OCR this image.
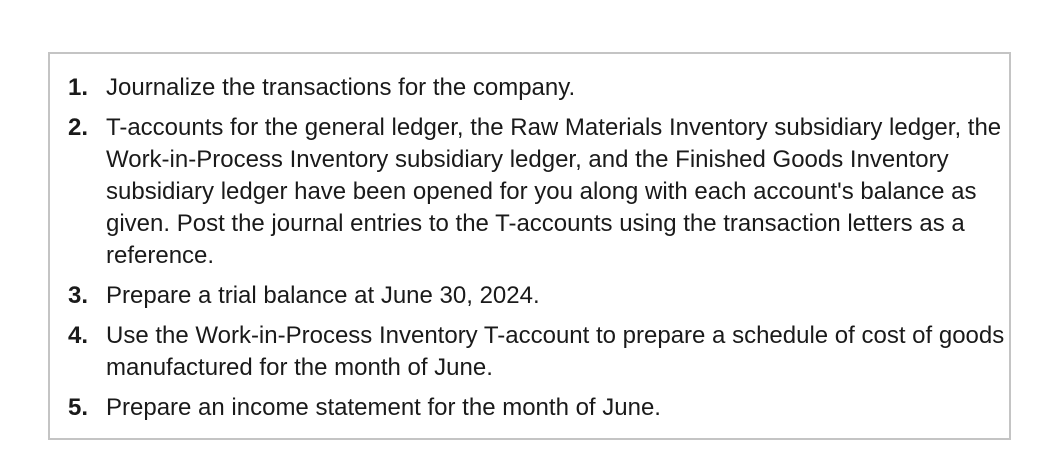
1. Journalize the transactions for the company.
2. T-accounts for the general ledger, the Raw Materials Inventory subsidiary ledger, the Work-in-Process Inventory subsidiary ledger, and the Finished Goods Inventory subsidiary ledger have been opened for you along with each account's balance as given. Post the journal entries to the T-accounts using the transaction letters as a reference.
3. Prepare a trial balance at June 30, 2024.
4. Use the Work-in-Process Inventory T-account to prepare a schedule of cost of goods manufactured for the month of June.
5. Prepare an income statement for the month of June.
